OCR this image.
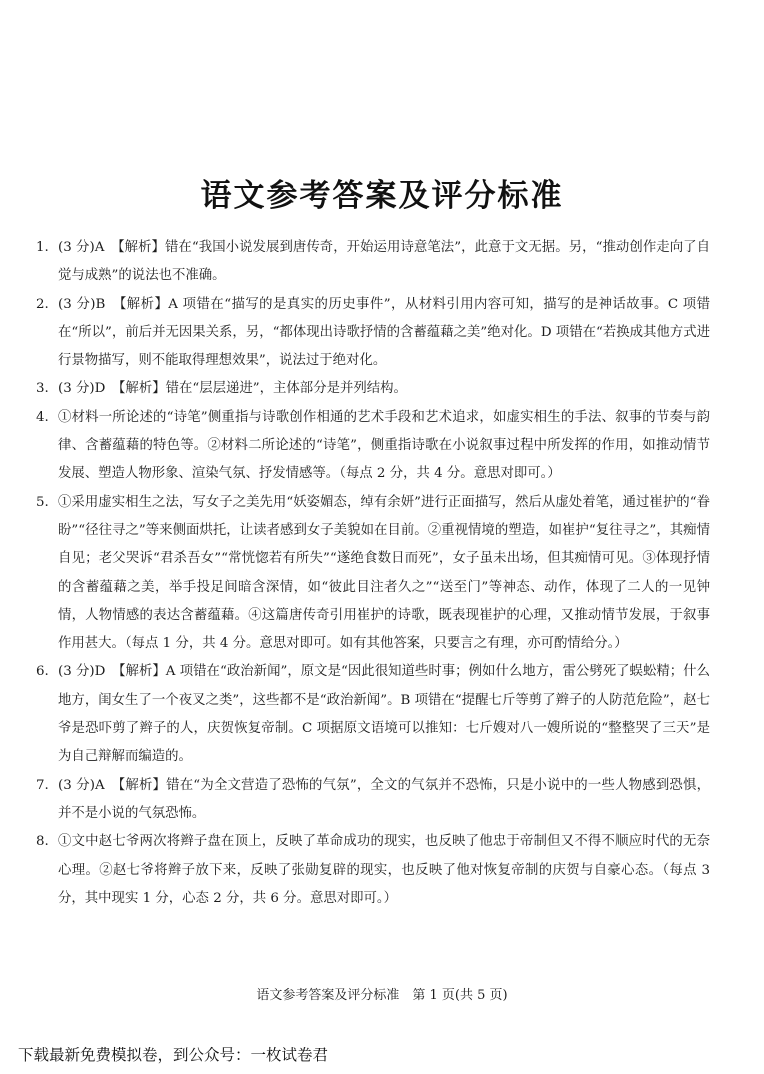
语文参考答案及评分标准
1. (3 分)A　【解析】错在“我国小说发展到唐传奇，开始运用诗意笔法”，此意于文无据。另，“推动创作走向了自觉与成熟”的说法也不准确。
2. (3 分)B　【解析】A 项错在“描写的是真实的历史事件”，从材料引用内容可知，描写的是神话故事。C 项错在“所以”，前后并无因果关系，另，“都体现出诗歌抒情的含蓄蕴藉之美”绝对化。D 项错在“若换成其他方式进行景物描写，则不能取得理想效果”，说法过于绝对化。
3. (3 分)D　【解析】错在“层层递进”，主体部分是并列结构。
4. ①材料一所论述的“诗笔”侧重指与诗歌创作相通的艺术手段和艺术追求，如虚实相生的手法、叙事的节奏与韵律、含蓄蕴藉的特色等。②材料二所论述的“诗笔”，侧重指诗歌在小说叙事过程中所发挥的作用，如推动情节发展、塑造人物形象、渲染气氛、抒发情感等。（每点 2 分，共 4 分。意思对即可。）
5. ①采用虚实相生之法，写女子之美先用“妖姿媚态，绰有余妍”进行正面描写，然后从虚处着笔，通过崔护的“眷盼”“径往寻之”等来侧面烘托，让读者感到女子美貌如在目前。②重视情境的塑造，如崔护“复往寻之”，其痴情自见；老父哭诉“君杀吾女”“常恍惚若有所失”“遂绝食数日而死”，女子虽未出场，但其痴情可见。③体现抒情的含蓄蕴藉之美，举手投足间暗含深情，如“彼此目注者久之”“送至门”等神态、动作，体现了二人的一见钟情，人物情感的表达含蓄蕴藉。④这篇唐传奇引用崔护的诗歌，既表现崔护的心理，又推动情节发展，于叙事作用甚大。（每点 1 分，共 4 分。意思对即可。如有其他答案，只要言之有理，亦可酌情给分。）
6. (3 分)D　【解析】A 项错在“政治新闻”，原文是“因此很知道些时事；例如什么地方，雷公劈死了蜈蚣精；什么地方，闺女生了一个夜叉之类”，这些都不是“政治新闻”。B 项错在“提醒七斤等剪了辫子的人防范危险”，赵七爷是恐吓剪了辫子的人，庆贺恢复帝制。C 项据原文语境可以推知：七斤嫂对八一嫂所说的“整整哭了三天”是为自己辩解而编造的。
7. (3 分)A　【解析】错在“为全文营造了恐怖的气氛”，全文的气氛并不恐怖，只是小说中的一些人物感到恐惧，并不是小说的气氛恐怖。
8. ①文中赵七爷两次将辫子盘在顶上，反映了革命成功的现实，也反映了他忠于帝制但又不得不顺应时代的无奈心理。②赵七爷将辫子放下来，反映了张勋复辟的现实，也反映了他对恢复帝制的庆贺与自豪心态。（每点 3 分，其中现实 1 分，心态 2 分，共 6 分。意思对即可。）
语文参考答案及评分标准　第 1 页(共 5 页)
下载最新免费模拟卷，到公众号：一枚试卷君
